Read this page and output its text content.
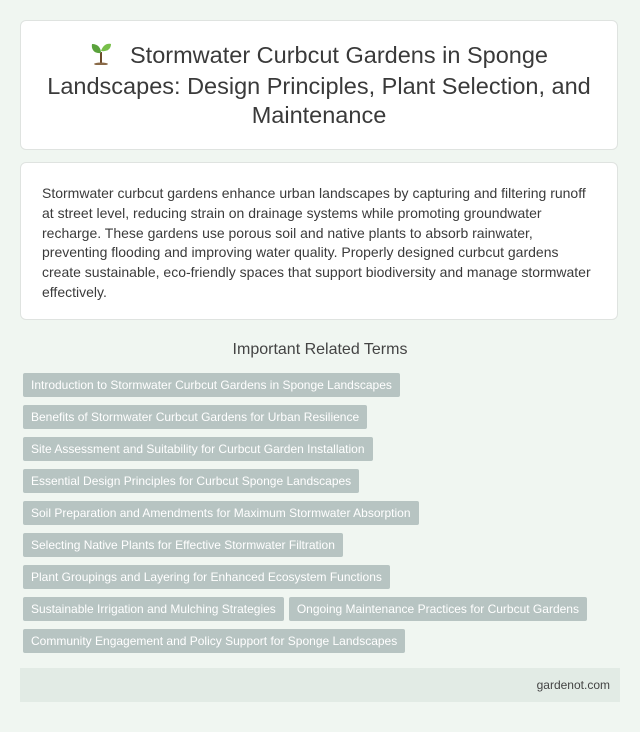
Stormwater Curbcut Gardens in Sponge Landscapes: Design Principles, Plant Selection, and Maintenance

Stormwater curbcut gardens enhance urban landscapes by capturing and filtering runoff at street level, reducing strain on drainage systems while promoting groundwater recharge. These gardens use porous soil and native plants to absorb rainwater, preventing flooding and improving water quality. Properly designed curbcut gardens create sustainable, eco-friendly spaces that support biodiversity and manage stormwater effectively.

Important Related Terms
Introduction to Stormwater Curbcut Gardens in Sponge Landscapes
Benefits of Stormwater Curbcut Gardens for Urban Resilience
Site Assessment and Suitability for Curbcut Garden Installation
Essential Design Principles for Curbcut Sponge Landscapes
Soil Preparation and Amendments for Maximum Stormwater Absorption
Selecting Native Plants for Effective Stormwater Filtration
Plant Groupings and Layering for Enhanced Ecosystem Functions
Sustainable Irrigation and Mulching Strategies Ongoing Maintenance Practices for Curbcut Gardens
Community Engagement and Policy Support for Sponge Landscapes
gardenot.com
